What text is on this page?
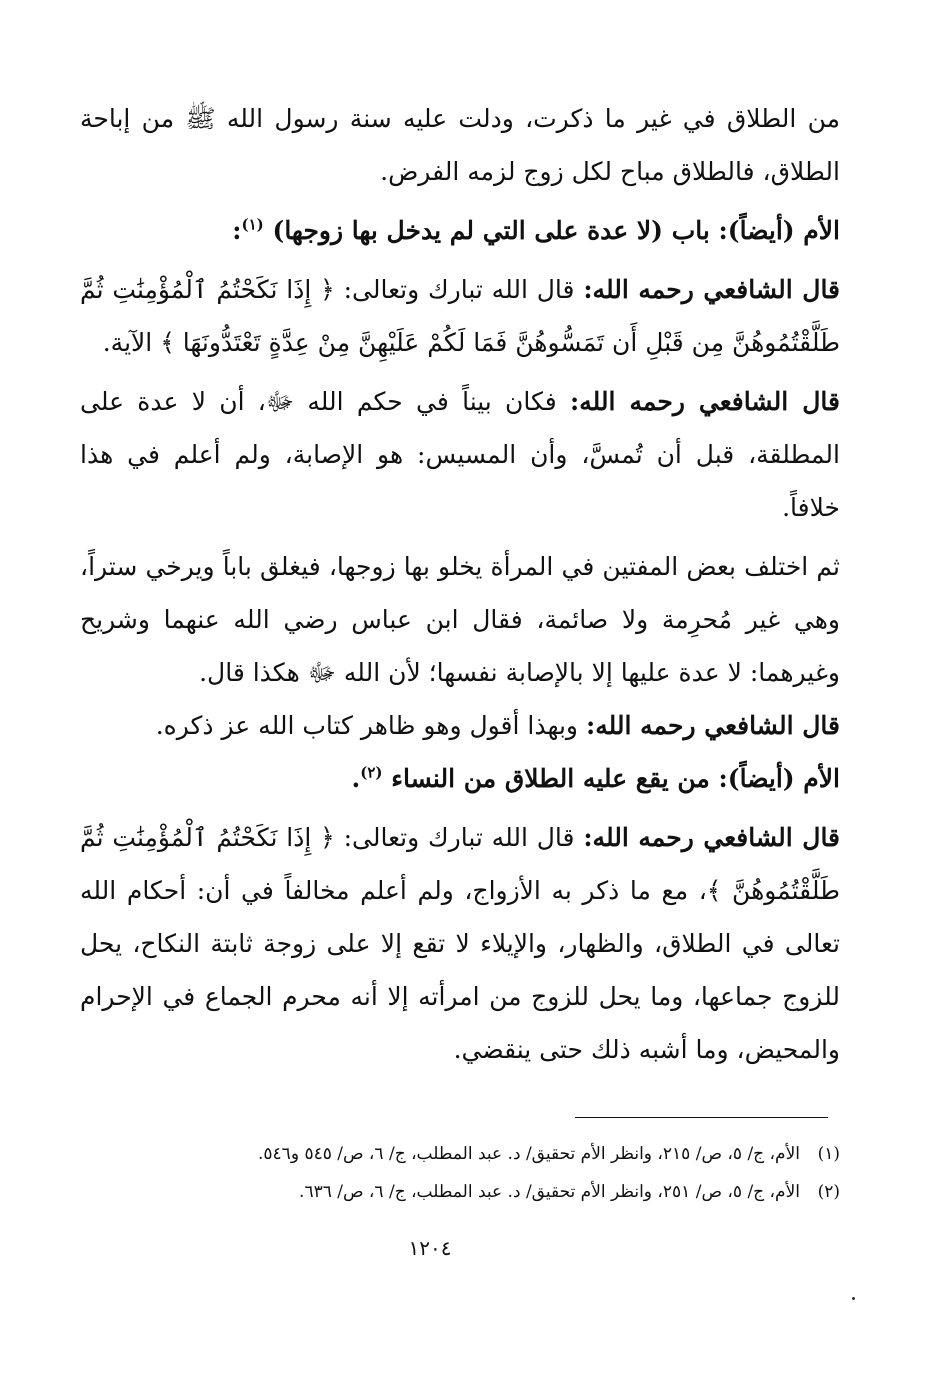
من الطلاق في غير ما ذكرت، ودلت عليه سنة رسول الله ﷺ من إباحة الطلاق، فالطلاق مباح لكل زوج لزمه الفرض.

الأم (أيضاً): باب (لا عدة على التي لم يدخل بها زوجها) $^{(١)}$:

قال الشافعي رحمه الله: قال الله تبارك وتعالى: ﴿ إِذَا نَكَحْتُمُ ٱلْمُؤْمِنَٰتِ ثُمَّ طَلَّقْتُمُوهُنَّ مِن قَبْلِ أَن تَمَسُّوهُنَّ فَمَا لَكُمْ عَلَيْهِنَّ مِنْ عِدَّةٍ تَعْتَدُّونَهَا ﴾ الآية.

قال الشافعي رحمه الله: فكان بيناً في حكم الله ﷻ، أن لا عدة على المطلقة، قبل أن تُمسَّ، وأن المسيس: هو الإصابة، ولم أعلم في هذا خلافاً.

ثم اختلف بعض المفتين في المرأة يخلو بها زوجها، فيغلق باباً ويرخي ستراً، وهي غير مُحرِمة ولا صائمة، فقال ابن عباس رضي الله عنهما وشريح وغيرهما: لا عدة عليها إلا بالإصابة نفسها؛ لأن الله ﷻ هكذا قال.

قال الشافعي رحمه الله: وبهذا أقول وهو ظاهر كتاب الله عز ذكره.

الأم (أيضاً): من يقع عليه الطلاق من النساء $^{(٢)}$.

قال الشافعي رحمه الله: قال الله تبارك وتعالى: ﴿ إِذَا نَكَحْتُمُ ٱلْمُؤْمِنَٰتِ ثُمَّ طَلَّقْتُمُوهُنَّ ﴾، مع ما ذكر به الأزواج، ولم أعلم مخالفاً في أن: أحكام الله تعالى في الطلاق، والظهار، والإيلاء لا تقع إلا على زوجة ثابتة النكاح، يحل للزوج جماعها، وما يحل للزوج من امرأته إلا أنه محرم الجماع في الإحرام والمحيض، وما أشبه ذلك حتى ينقضي.

(١)الأم، ج/ ٥، ص/ ٢١٥، وانظر الأم تحقيق/ د. عبد المطلب، ج/ ٦، ص/ ٥٤٥ و٥٤٦.

(٢)الأم، ج/ ٥، ص/ ٢٥١، وانظر الأم تحقيق/ د. عبد المطلب، ج/ ٦، ص/ ٦٣٦.

١٢٠٤
